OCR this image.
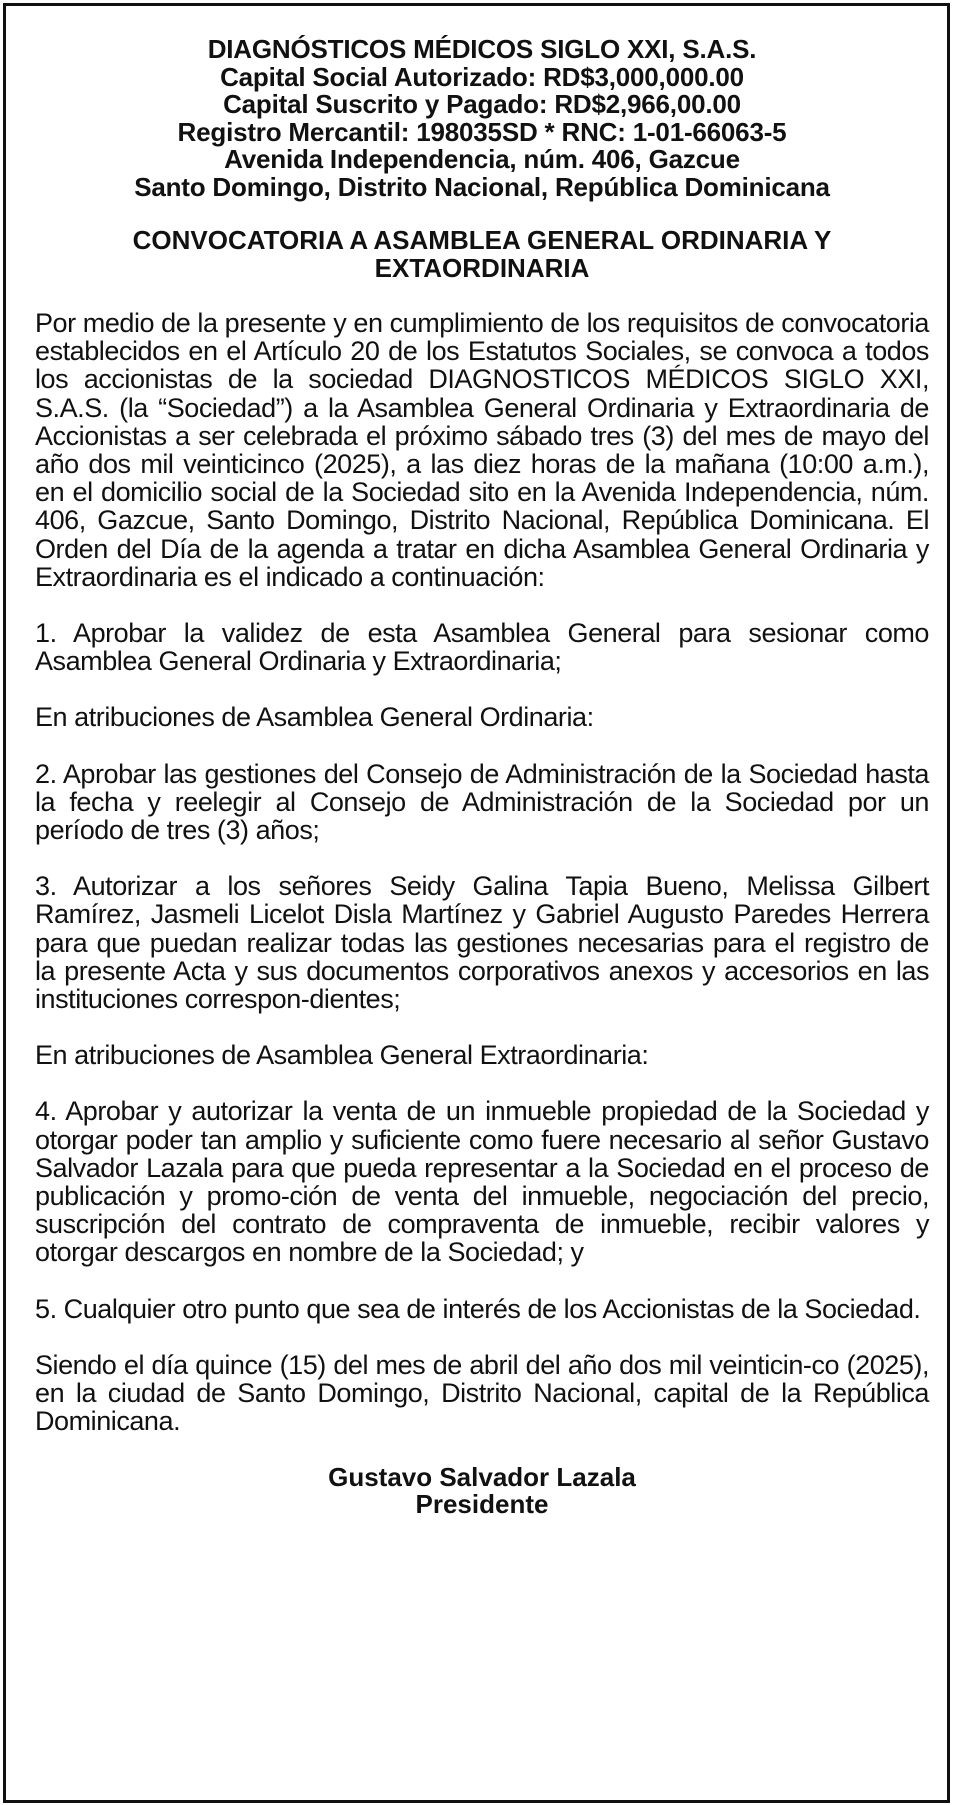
DIAGNÓSTICOS MÉDICOS SIGLO XXI, S.A.S.
Capital Social Autorizado: RD$3,000,000.00
Capital Suscrito y Pagado: RD$2,966,00.00
Registro Mercantil: 198035SD * RNC: 1-01-66063-5
Avenida Independencia, núm. 406, Gazcue
Santo Domingo, Distrito Nacional, República Dominicana
CONVOCATORIA A ASAMBLEA GENERAL ORDINARIA Y EXTAORDINARIA

Por medio de la presente y en cumplimiento de los requisitos de convocatoria establecidos en el Artículo 20 de los Estatutos Sociales, se convoca a todos los accionistas de la sociedad DIAGNOSTICOS MÉDICOS SIGLO XXI, S.A.S. (la “Sociedad”) a la Asamblea General Ordinaria y Extraordinaria de Accionistas a ser celebrada el próximo sábado tres (3) del mes de mayo del año dos mil veinticinco (2025), a las diez horas de la mañana (10:00 a.m.), en el domicilio social de la Sociedad sito en la Avenida Independencia, núm. 406, Gazcue, Santo Domingo, Distrito Nacional, República Dominicana. El Orden del Día de la agenda a tratar en dicha Asamblea General Ordinaria y Extraordinaria es el indicado a continuación:

1. Aprobar la validez de esta Asamblea General para sesionar como Asamblea General Ordinaria y Extraordinaria;

En atribuciones de Asamblea General Ordinaria:

2. Aprobar las gestiones del Consejo de Administración de la Sociedad hasta la fecha y reelegir al Consejo de Administración de la Sociedad por un período de tres (3) años;

3. Autorizar a los señores Seidy Galina Tapia Bueno, Melissa Gilbert Ramírez, Jasmeli Licelot Disla Martínez y Gabriel Augusto Paredes Herrera para que puedan realizar todas las gestiones necesarias para el registro de la presente Acta y sus documentos corporativos anexos y accesorios en las instituciones correspon-dientes;

En atribuciones de Asamblea General Extraordinaria:

4. Aprobar y autorizar la venta de un inmueble propiedad de la Sociedad y otorgar poder tan amplio y suficiente como fuere necesario al señor Gustavo Salvador Lazala para que pueda representar a la Sociedad en el proceso de publicación y promo-ción de venta del inmueble, negociación del precio, suscripción del contrato de compraventa de inmueble, recibir valores y otorgar descargos en nombre de la Sociedad; y

5. Cualquier otro punto que sea de interés de los Accionistas de la Sociedad.

Siendo el día quince (15) del mes de abril del año dos mil veinticin-co (2025), en la ciudad de Santo Domingo, Distrito Nacional, capital de la República Dominicana.

Gustavo Salvador Lazala
Presidente
